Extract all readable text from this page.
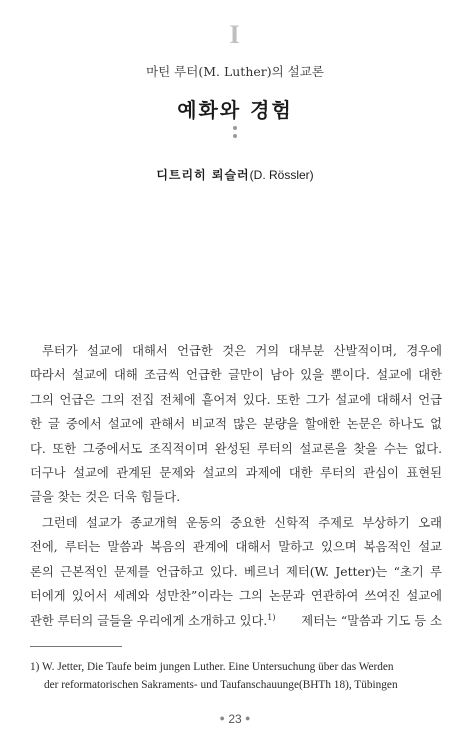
I
마틴 루터(M. Luther)의 설교론
예화와 경험
디트리히 뢰슬러(D. Rössler)
루터가 설교에 대해서 언급한 것은 거의 대부분 산발적이며, 경우에
따라서 설교에 대해 조금씩 언급한 글만이 남아 있을 뿐이다. 설교에 대한
그의 언급은 그의 전집 전체에 흩어져 있다. 또한 그가 설교에 대해서 언급
한 글 중에서 설교에 관해서 비교적 많은 분량을 할애한 논문은 하나도 없
다. 또한 그중에서도 조직적이며 완성된 루터의 설교론을 찾을 수는 없다.
더구나 설교에 관계된 문제와 설교의 과제에 대한 루터의 관심이 표현된
글을 찾는 것은 더욱 힘들다.
그런데 설교가 종교개혁 운동의 중요한 신학적 주제로 부상하기 오래
전에, 루터는 말씀과 복음의 관계에 대해서 말하고 있으며 복음적인 설교
론의 근본적인 문제를 언급하고 있다. 베르너 제터(W. Jetter)는 “초기 루
터에게 있어서 세례와 성만찬”이라는 그의 논문과 연관하여 쓰여진 설교에
관한 루터의 글들을 우리에게 소개하고 있다.$^{1)}$ 제터는 “말씀과 기도 등 소
1) W. Jetter, Die Taufe beim jungen Luther. Eine Untersuchung über das Werden
der reformatorischen Sakraments- und Taufanschauunge(BHTh 18), Tübingen
● 23 ●
